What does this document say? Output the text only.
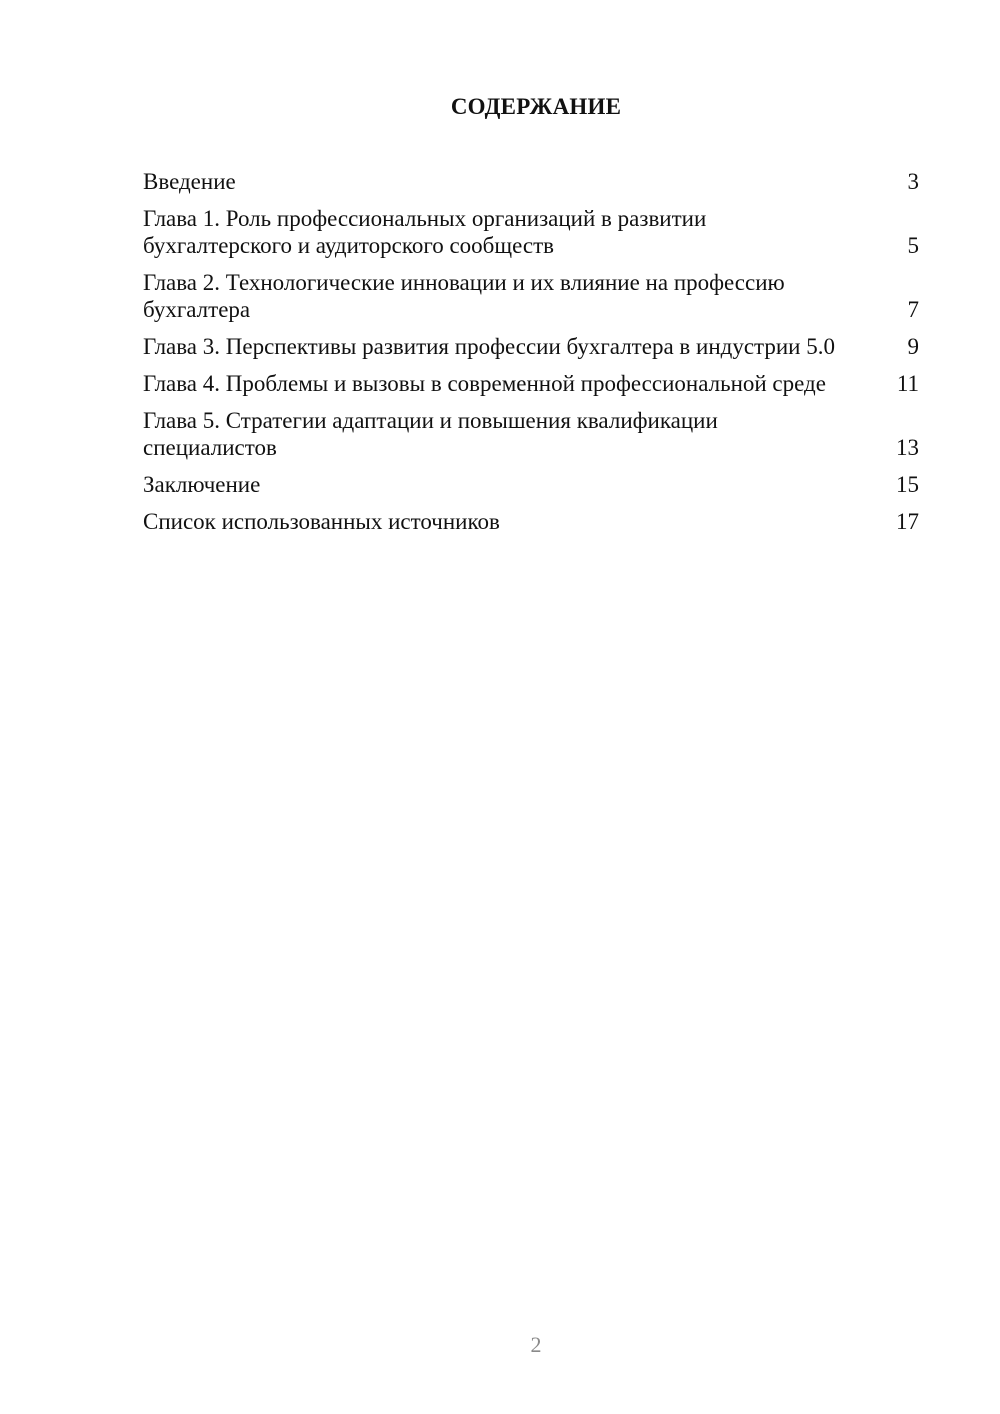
СОДЕРЖАНИЕ
Введение	3
Глава 1. Роль профессиональных организаций в развитии бухгалтерского и аудиторского сообществ	5
Глава 2. Технологические инновации и их влияние на профессию бухгалтера	7
Глава 3. Перспективы развития профессии бухгалтера в индустрии 5.0	9
Глава 4. Проблемы и вызовы в современной профессиональной среде	11
Глава 5. Стратегии адаптации и повышения квалификации специалистов	13
Заключение	15
Список использованных источников	17
2
